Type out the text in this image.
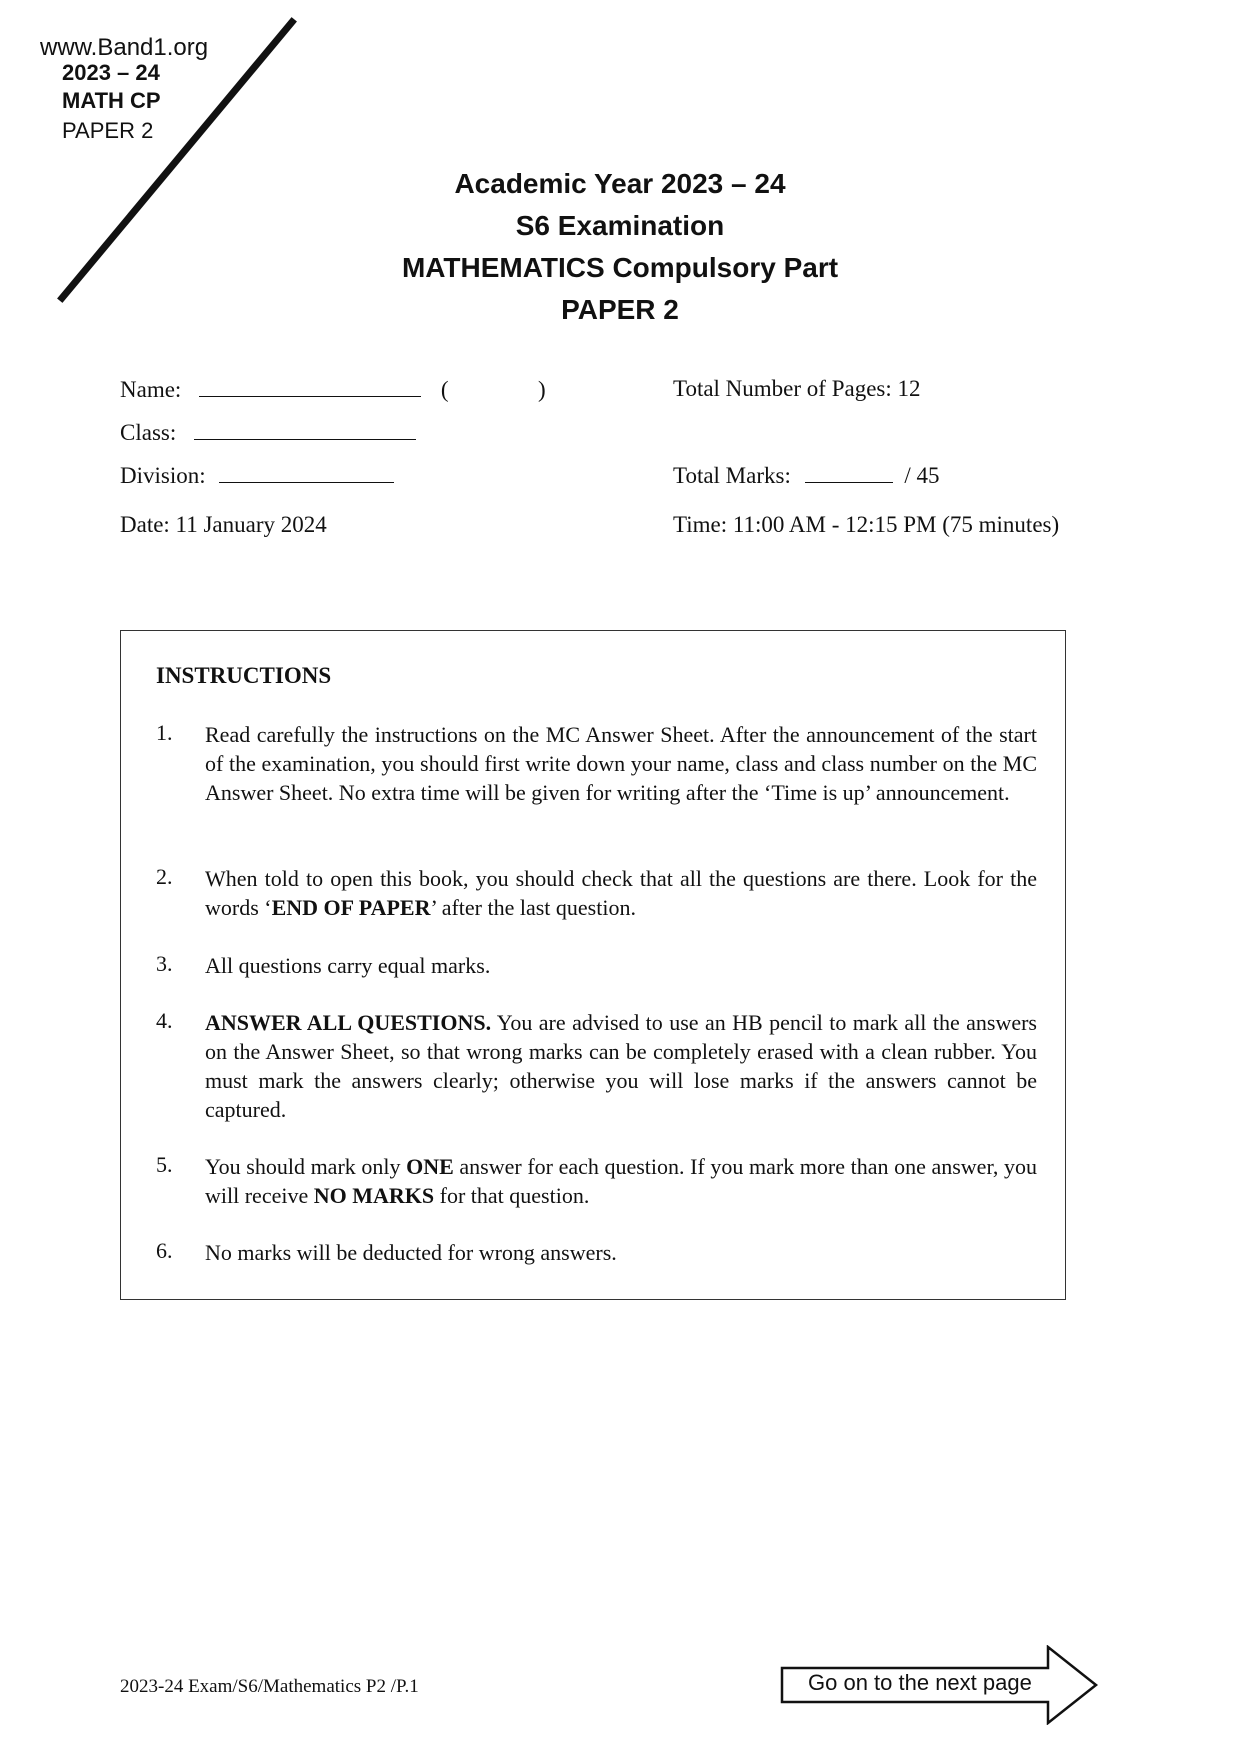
www.Band1.org
2023 – 24
MATH CP
PAPER 2
Academic Year 2023 – 24
S6 Examination
MATHEMATICS Compulsory Part
PAPER 2
Name:	(	)
Class:
Division:
Date: 11 January 2024
Total Number of Pages: 12
Total Marks:	/ 45
Time: 11:00 AM - 12:15 PM (75 minutes)
INSTRUCTIONS
1. Read carefully the instructions on the MC Answer Sheet. After the announcement of the start of the examination, you should first write down your name, class and class number on the MC Answer Sheet. No extra time will be given for writing after the ‘Time is up’ announcement.
2. When told to open this book, you should check that all the questions are there. Look for the words ‘END OF PAPER’ after the last question.
3. All questions carry equal marks.
4. ANSWER ALL QUESTIONS. You are advised to use an HB pencil to mark all the answers on the Answer Sheet, so that wrong marks can be completely erased with a clean rubber. You must mark the answers clearly; otherwise you will lose marks if the answers cannot be captured.
5. You should mark only ONE answer for each question. If you mark more than one answer, you will receive NO MARKS for that question.
6. No marks will be deducted for wrong answers.
2023-24 Exam/S6/Mathematics P2 /P.1	Go on to the next page
